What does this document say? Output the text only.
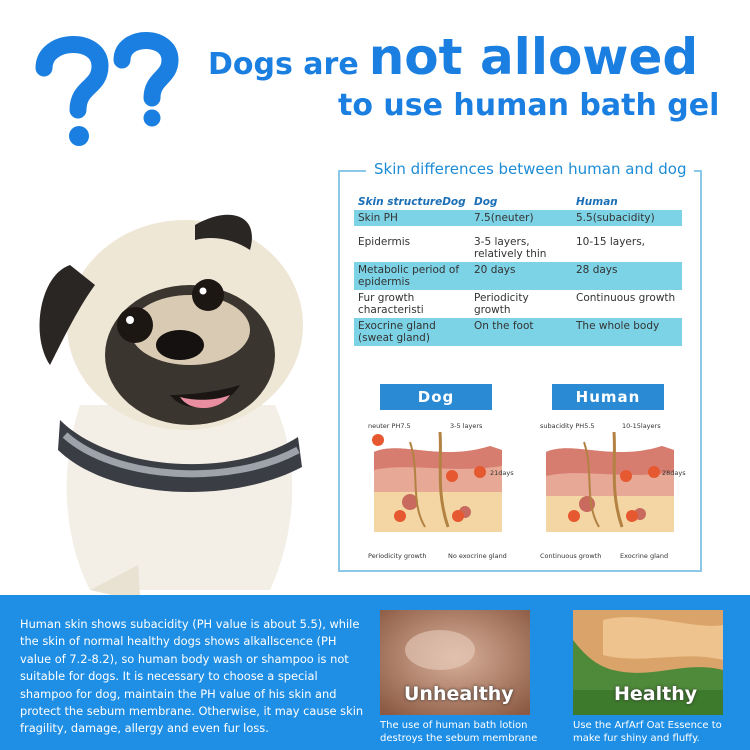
Dogs are not allowed
to use human bath gel
Skin differences between human and dog
Skin structureDog	Dog	Human
Skin PH	7.5(neuter)	5.5(subacidity)
Epidermis	3-5 layers, relatively thin	10-15 layers,
Metabolic period of epidermis	20 days	28 days
Fur growth characteristi	Periodicity growth	Continuous growth
Exocrine gland (sweat gland)	On the foot	The whole body
Dog
neuter PH7.5	3-5 layers
21days
Periodicity growth	No exocrine gland
Human
subacidity PH5.5	10-15layers
28days
Continuous growth	Exocrine gland
Human skin shows subacidity (PH value is about 5.5), while the skin of normal healthy dogs shows alkallscence (PH value of 7.2-8.2), so human body wash or shampoo is not suitable for dogs. It is necessary to choose a special shampoo for dog, maintain the PH value of his skin and protect the sebum membrane. Otherwise, it may cause skin fragility, damage, allergy and even fur loss.
Unhealthy
The use of human bath lotion
destroys the sebum membrane
Healthy
Use the ArfArf Oat Essence to
make fur shiny and fluffy.
